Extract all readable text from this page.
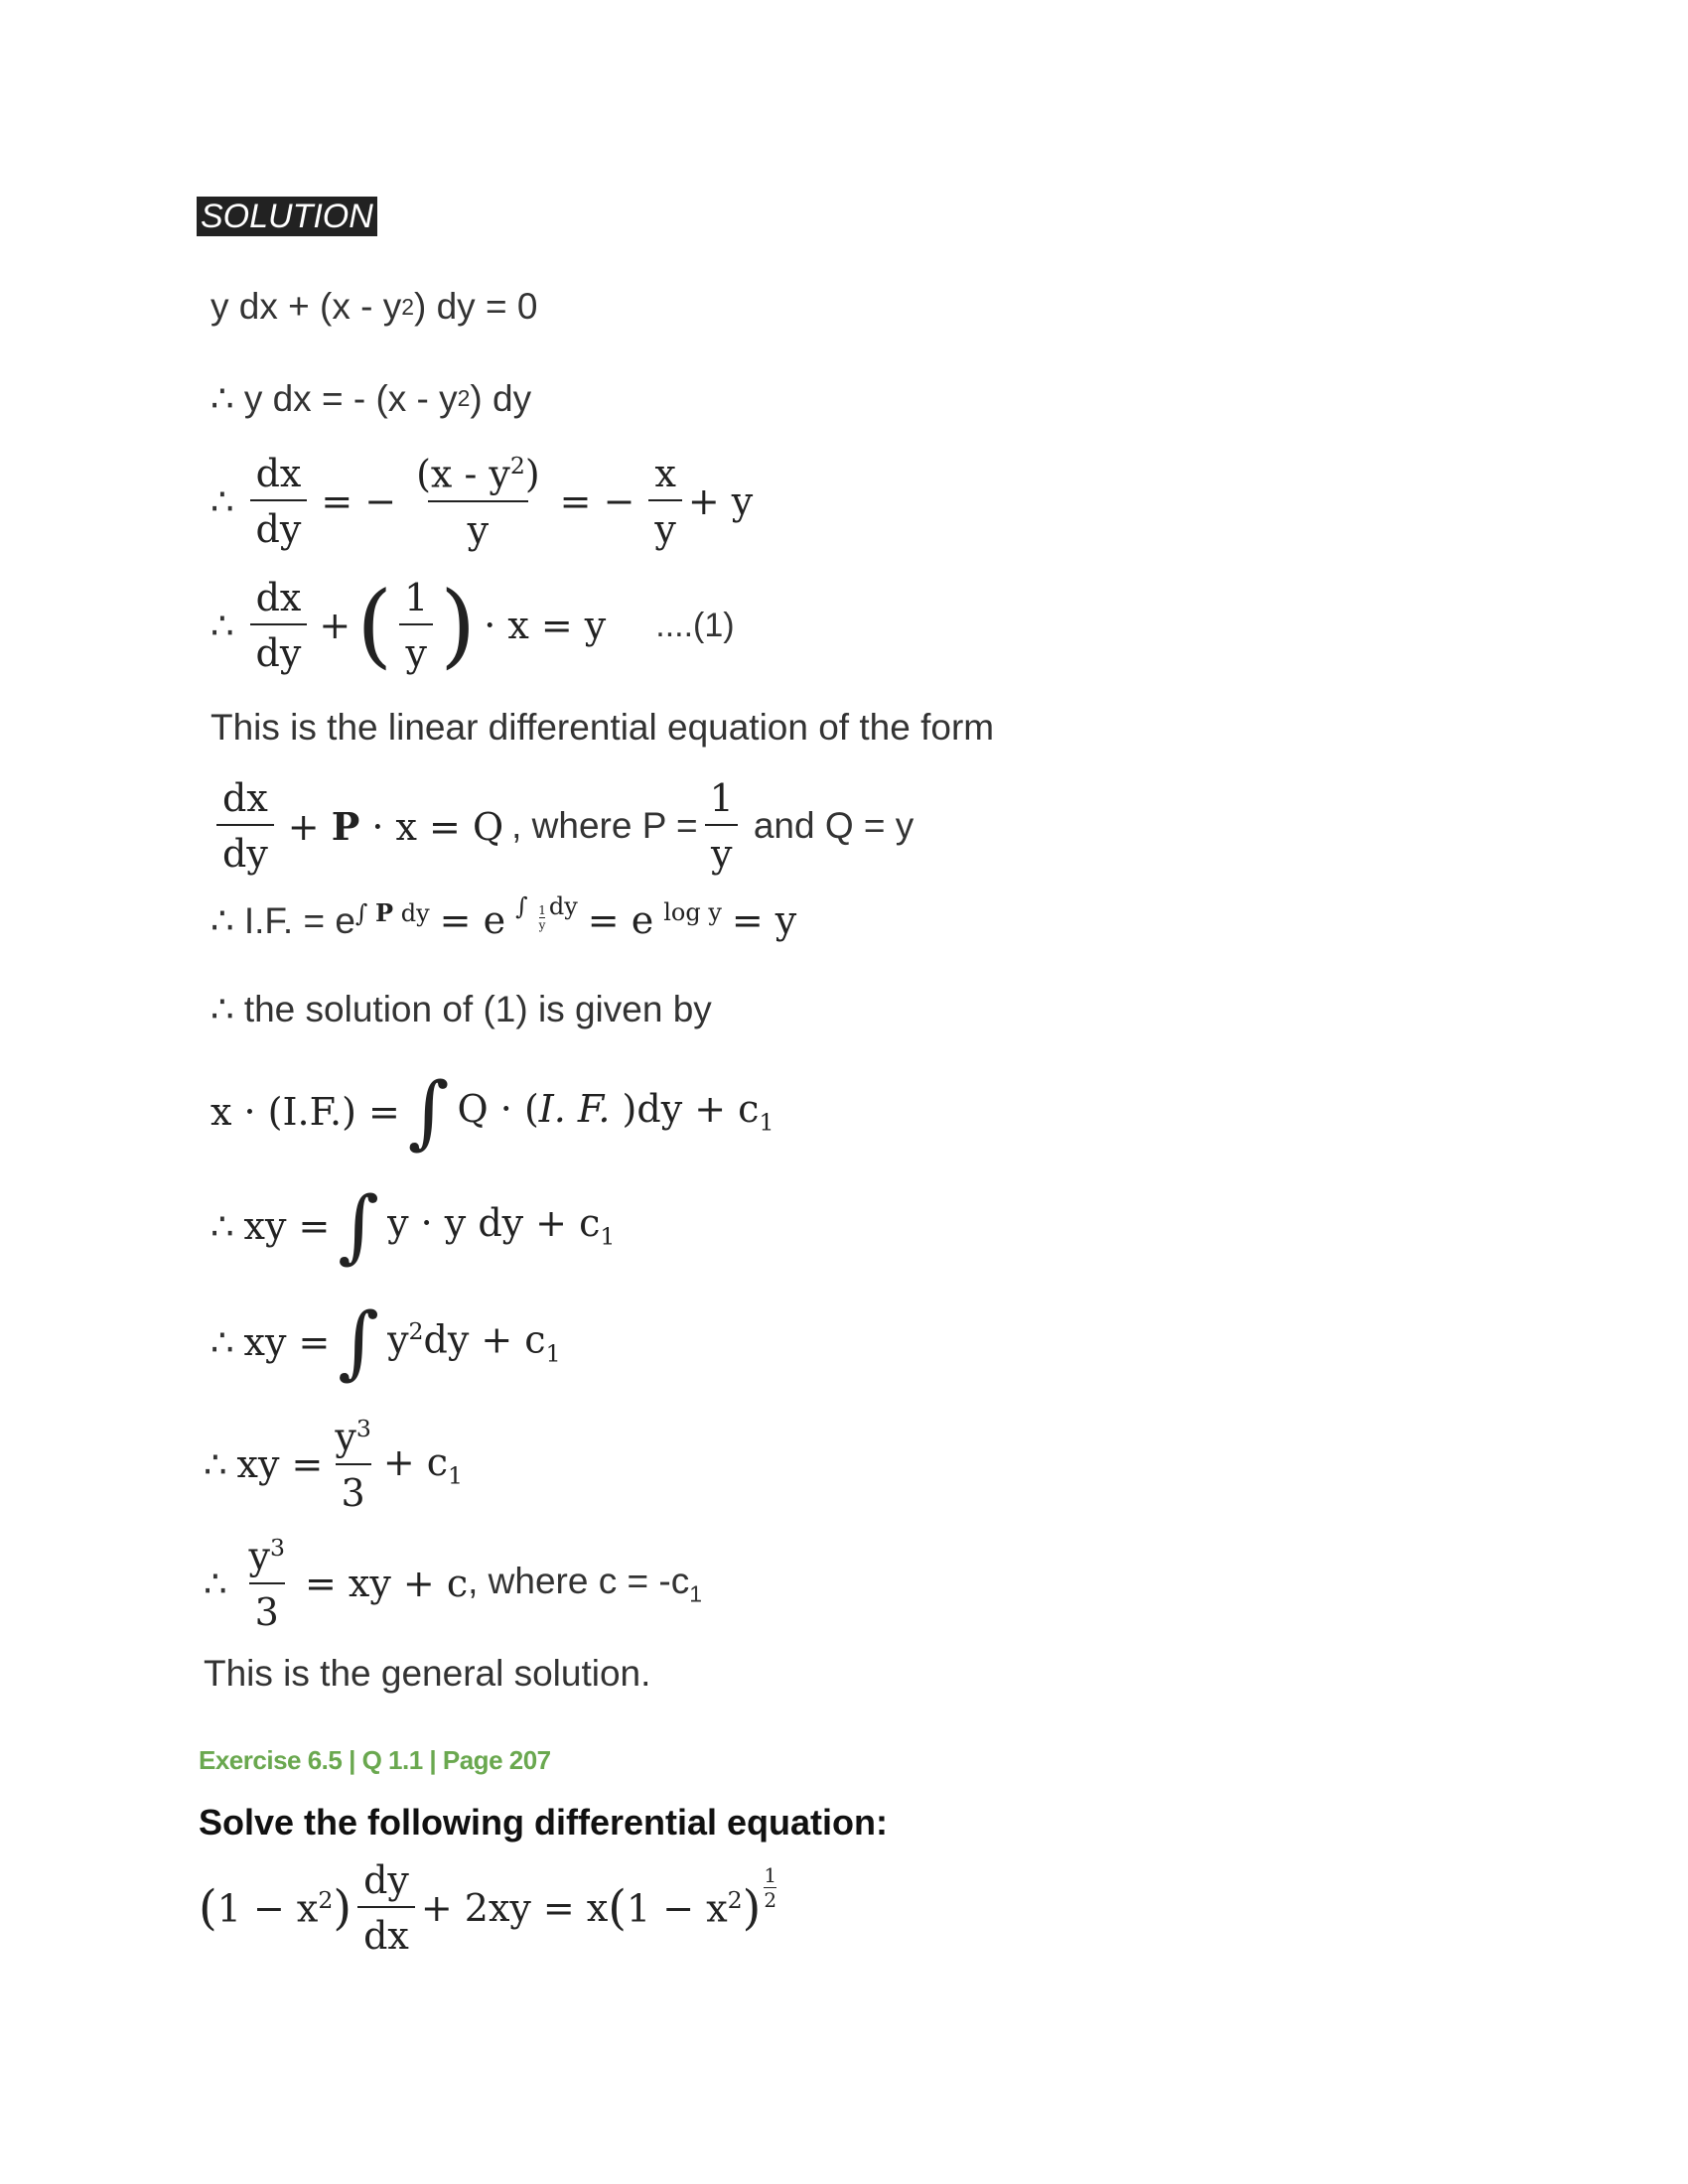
SOLUTION
y dx + (x - y 2 ) dy = 0
∴ y dx = - (x - y 2 ) dy
∴ $\frac{dx}{dy}$ = − $\frac{(x - y^2)}{y}$ = − $\frac{x}{y} + y$
∴ $\frac{dx}{dy}$ + ( $\frac{1}{y}$ ) · x = y ....(1)
This is the linear differential equation of the form
$\frac{dx}{dy} + P \cdot x = Q$ , where $P = \frac{1}{y}$ and Q = y
∴ I.F. = $e^{\int P dy} = e$ $^{\int \frac{1}{y}dy}$ = e $^{log y}$ = y
∴ the solution of (1) is given by
x · (I.F.) = ∫ Q · (I. F. )$dy + c_1$
∴ xy = ∫ y · y dy + $c_1$
∴ xy = ∫ $y^2dy + c_1$
∴ xy = $\frac{y^3}{3} + c_1$
∴ $\frac{y^3}{3}$ = xy + c , where $c = -c_1$
This is the general solution.
Exercise 6.5 | Q 1.1 | Page 207
Solve the following differential equation:
( $1 - x^2$ ) $\frac{dy}{dx} + 2xy = x$ ( $1 - x^2$ ) $^{\frac{1}{2}}$
